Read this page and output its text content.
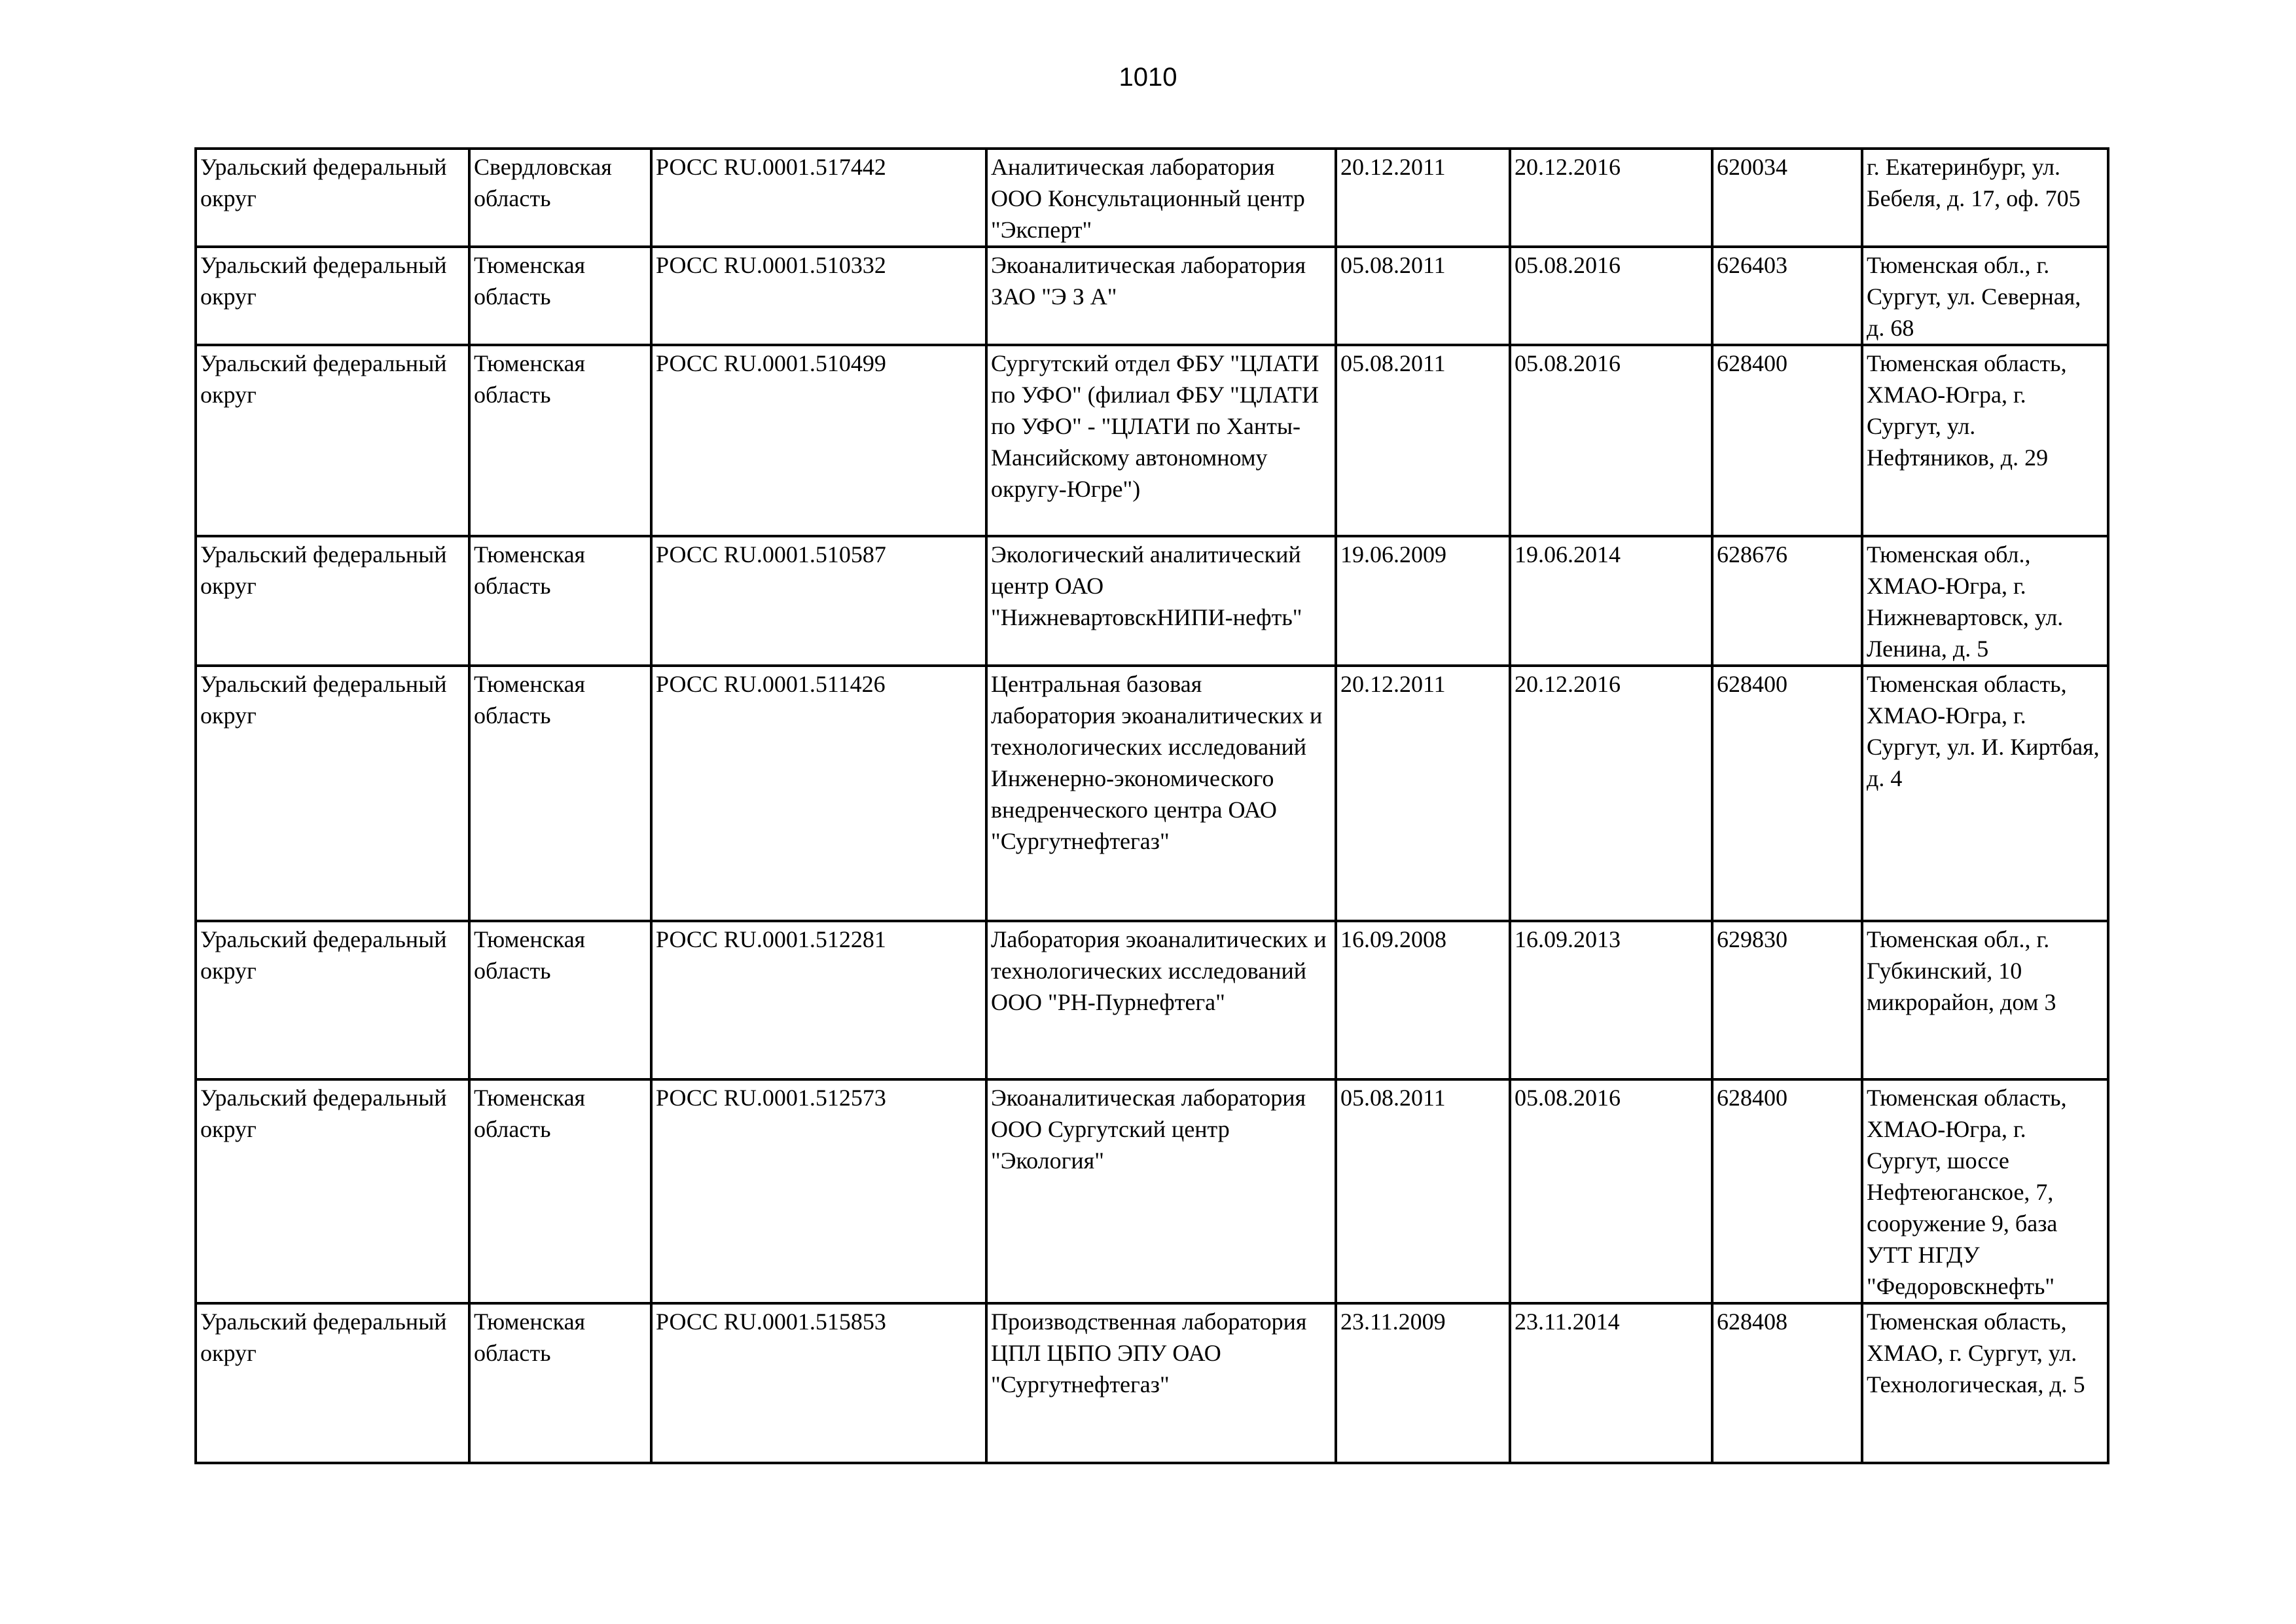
1010
Уральский федеральный округ	Свердловская область	РОСС RU.0001.517442	Аналитическая лаборатория ООО Консультационный центр "Эксперт"	20.12.2011	20.12.2016	620034	г. Екатеринбург, ул. Бебеля, д. 17, оф. 705
Уральский федеральный округ	Тюменская область	РОСС RU.0001.510332	Экоаналитическая лаборатория ЗАО "Э З А"	05.08.2011	05.08.2016	626403	Тюменская обл., г. Сургут, ул. Северная, д. 68
Уральский федеральный округ	Тюменская область	РОСС RU.0001.510499	Сургутский отдел ФБУ "ЦЛАТИ по УФО" (филиал ФБУ "ЦЛАТИ по УФО" - "ЦЛАТИ по Ханты-Мансийскому автономному округу-Югре")	05.08.2011	05.08.2016	628400	Тюменская область, ХМАО-Югра, г. Сургут, ул. Нефтяников, д. 29
Уральский федеральный округ	Тюменская область	РОСС RU.0001.510587	Экологический аналитический центр ОАО "НижневартовскНИПИ-нефть"	19.06.2009	19.06.2014	628676	Тюменская обл., ХМАО-Югра, г. Нижневартовск, ул. Ленина, д. 5
Уральский федеральный округ	Тюменская область	РОСС RU.0001.511426	Центральная базовая лаборатория экоаналитических и технологических исследований Инженерно-экономического внедренческого центра ОАО "Сургутнефтегаз"	20.12.2011	20.12.2016	628400	Тюменская область, ХМАО-Югра, г. Сургут, ул. И. Киртбая, д. 4
Уральский федеральный округ	Тюменская область	РОСС RU.0001.512281	Лаборатория экоаналитических и технологических исследований ООО "РН-Пурнефтега"	16.09.2008	16.09.2013	629830	Тюменская обл., г. Губкинский, 10 микрорайон, дом 3
Уральский федеральный округ	Тюменская область	РОСС RU.0001.512573	Экоаналитическая лаборатория ООО Сургутский центр "Экология"	05.08.2011	05.08.2016	628400	Тюменская область, ХМАО-Югра, г. Сургут, шоссе Нефтеюганское, 7, сооружение 9, база УТТ НГДУ "Федоровскнефть"
Уральский федеральный округ	Тюменская область	РОСС RU.0001.515853	Производственная лаборатория ЦПЛ ЦБПО ЭПУ ОАО "Сургутнефтегаз"	23.11.2009	23.11.2014	628408	Тюменская область, ХМАО, г. Сургут, ул. Технологическая, д. 5
